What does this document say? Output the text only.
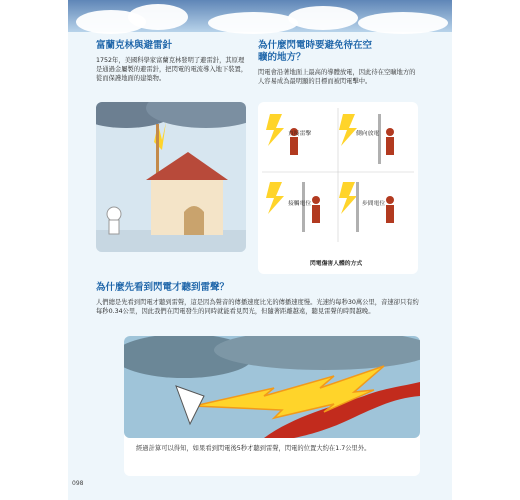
富蘭克林與避雷針
1752年，美國科學家富蘭克林發明了避雷針，其原理是通過金屬製的避雷針，把閃電的電流導入地下裝置，從而保護地面的建築物。
為什麼閃電時要避免待在空
曠的地方？
閃電會沿著地面上最高的導體放電，因此待在空曠地方的人容易成為最明顯的目標而被閃電擊中。
直接雷擊	側向放電
接觸電位	步間電位
閃電傷害人體的方式
為什麼先看到閃電才聽到雷聲？
人們總是先看到閃電才聽到雷聲，這是因為聲音的傳播速度比光的傳播速度慢。光速約每秒30萬公里，音速卻只有約每秒0.34公里，因此我們在閃電發生的同時就能看見閃光，但隨著距離越遠，聽見雷聲的時間越晚。
經過計算可以得知，如果看到閃電後5秒才聽到雷聲，閃電的位置大約在1.7公里外。
098
